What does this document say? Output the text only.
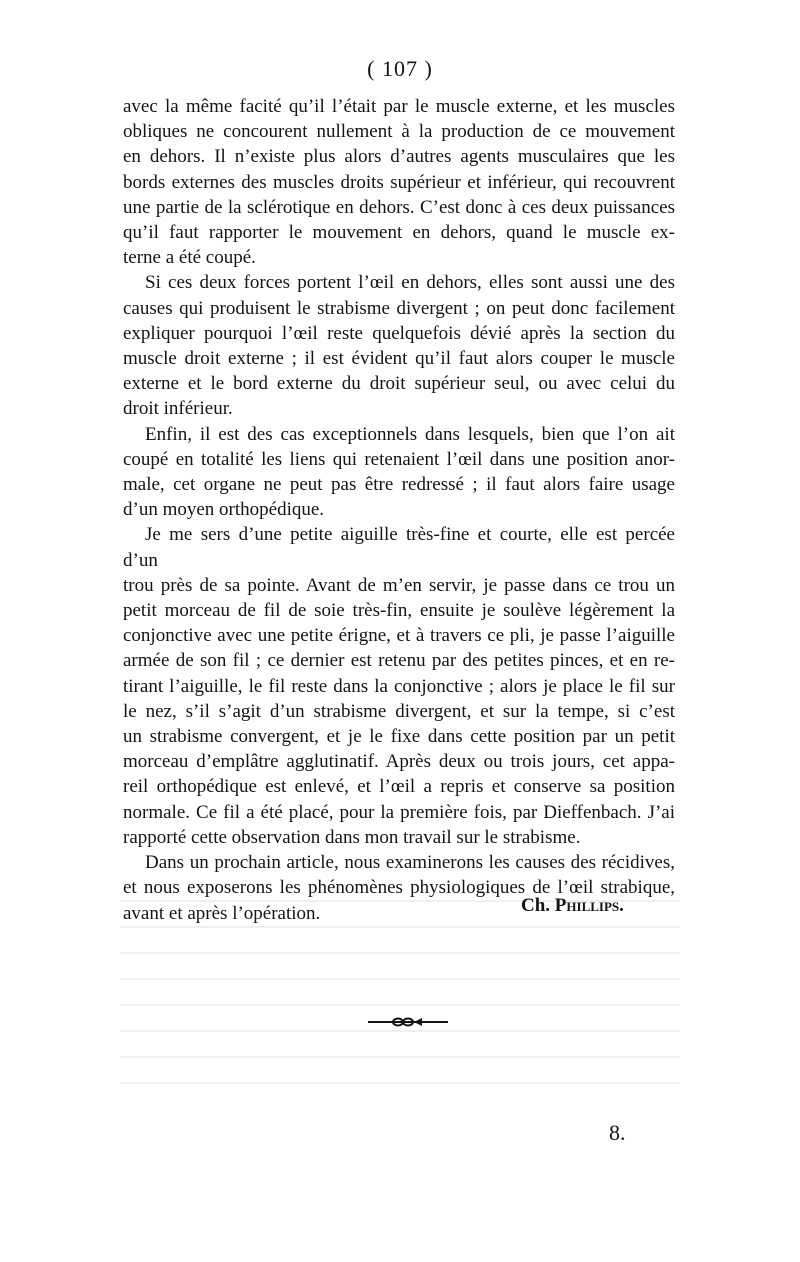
( 107 )

avec la même facité qu’il l’était par le muscle externe, et les muscles

obliques ne concourent nullement à la production de ce mouvement

en dehors. Il n’existe plus alors d’autres agents musculaires que les

bords externes des muscles droits supérieur et inférieur, qui recouvrent

une partie de la sclérotique en dehors. C’est donc à ces deux puissances

qu’il faut rapporter le mouvement en dehors, quand le muscle ex-

terne a été coupé.

Si ces deux forces portent l’œil en dehors, elles sont aussi une des

causes qui produisent le strabisme divergent ; on peut donc facilement

expliquer pourquoi l’œil reste quelquefois dévié après la section du

muscle droit externe ; il est évident qu’il faut alors couper le muscle

externe et le bord externe du droit supérieur seul, ou avec celui du

droit inférieur.

Enfin, il est des cas exceptionnels dans lesquels, bien que l’on ait

coupé en totalité les liens qui retenaient l’œil dans une position anor-

male, cet organe ne peut pas être redressé ; il faut alors faire usage

d’un moyen orthopédique.

Je me sers d’une petite aiguille très-fine et courte, elle est percée d’un

trou près de sa pointe. Avant de m’en servir, je passe dans ce trou un

petit morceau de fil de soie très-fin, ensuite je soulève légèrement la

conjonctive avec une petite érigne, et à travers ce pli, je passe l’aiguille

armée de son fil ; ce dernier est retenu par des petites pinces, et en re-

tirant l’aiguille, le fil reste dans la conjonctive ; alors je place le fil sur

le nez, s’il s’agit d’un strabisme divergent, et sur la tempe, si c’est

un strabisme convergent, et je le fixe dans cette position par un petit

morceau d’emplâtre agglutinatif. Après deux ou trois jours, cet appa-

reil orthopédique est enlevé, et l’œil a repris et conserve sa position

normale. Ce fil a été placé, pour la première fois, par Dieffenbach. J’ai

rapporté cette observation dans mon travail sur le strabisme.

Dans un prochain article, nous examinerons les causes des récidives,

et nous exposerons les phénomènes physiologiques de l’œil strabique,

avant et après l’opération.	Ch. Phillips.
8.
